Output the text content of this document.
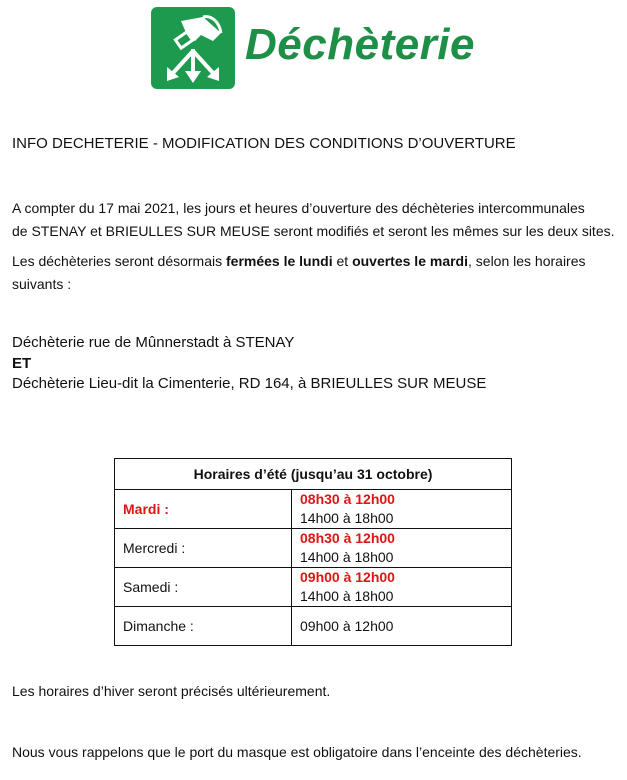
Déchèterie
INFO DECHETERIE - MODIFICATION DES CONDITIONS D’OUVERTURE
A compter du 17 mai 2021, les jours et heures d’ouverture des déchèteries intercommunales
de STENAY et BRIEULLES SUR MEUSE seront modifiés et seront les mêmes sur les deux sites.
Les déchèteries seront désormais fermées le lundi et ouvertes le mardi, selon les horaires suivants :
Déchèterie rue de Mûnnerstadt à STENAY
ET
Déchèterie Lieu-dit la Cimenterie, RD 164, à BRIEULLES SUR MEUSE
Horaires d’été (jusqu’au 31 octobre)	
Mardi :	08h30 à 12h00
14h00 à 18h00

Mercredi :	08h30 à 12h00
14h00 à 18h00

Samedi :	09h00 à 12h00
14h00 à 18h00

Dimanche :	09h00 à 12h00
Les horaires d’hiver seront précisés ultérieurement.
Nous vous rappelons que le port du masque est obligatoire dans l’enceinte des déchèteries.
